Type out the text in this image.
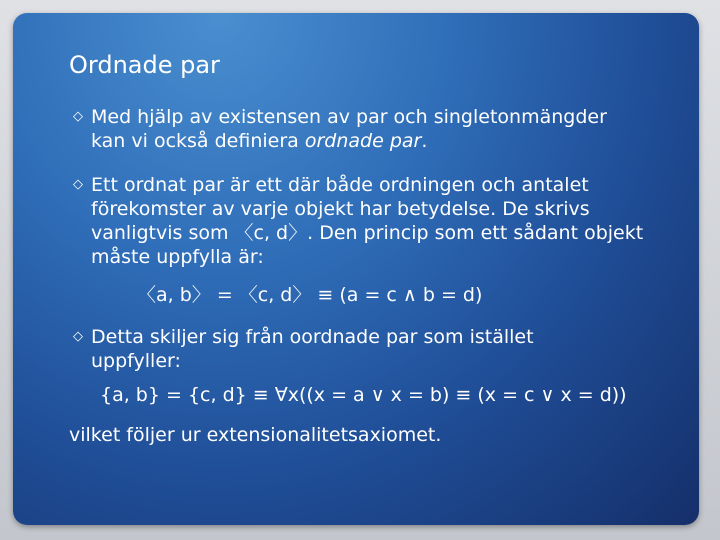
Ordnade par
◇ Med hjälp av existensen av par och singletonmängder
kan vi också definiera ordnade par.
◇ Ett ordnat par är ett där både ordningen och antalet
förekomster av varje objekt har betydelse. De skrivs
vanligtvis som 〈c, d〉. Den princip som ett sådant objekt
måste uppfylla är:
〈a, b〉 = 〈c, d〉 ≡ (a = c ∧ b = d)
◇ Detta skiljer sig från oordnade par som istället
uppfyller:
{a, b} = {c, d} ≡ ∀x((x = a ∨ x = b) ≡ (x = c ∨ x = d))
vilket följer ur extensionalitetsaxiomet.
